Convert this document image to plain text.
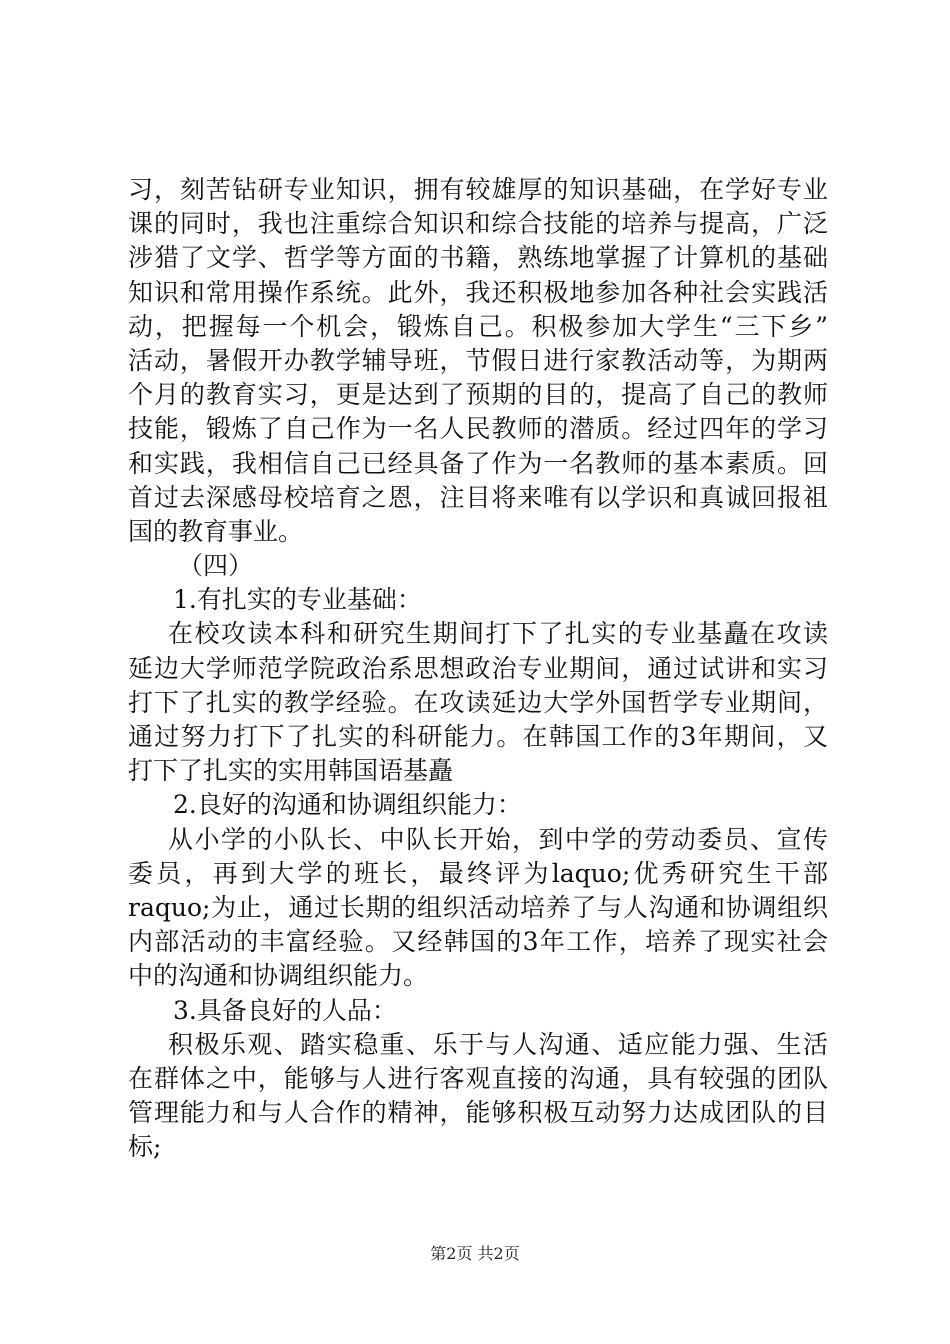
习，刻苦钻研专业知识，拥有较雄厚的知识基础，在学好专业
课的同时，我也注重综合知识和综合技能的培养与提高，广泛
涉猎了文学、哲学等方面的书籍，熟练地掌握了计算机的基础
知识和常用操作系统。此外，我还积极地参加各种社会实践活
动，把握每一个机会，锻炼自己。积极参加大学生“三下乡”
活动，暑假开办教学辅导班，节假日进行家教活动等，为期两
个月的教育实习，更是达到了预期的目的，提高了自己的教师
技能，锻炼了自己作为一名人民教师的潜质。经过四年的学习
和实践，我相信自己已经具备了作为一名教师的基本素质。回
首过去深感母校培育之恩，注目将来唯有以学识和真诚回报祖
国的教育事业。
（四）
1.有扎实的专业基础：
在校攻读本科和研究生期间打下了扎实的专业基矗在攻读
延边大学师范学院政治系思想政治专业期间，通过试讲和实习
打下了扎实的教学经验。在攻读延边大学外国哲学专业期间，
通过努力打下了扎实的科研能力。在韩国工作的3年期间，又
打下了扎实的实用韩国语基矗
2.良好的沟通和协调组织能力：
从小学的小队长、中队长开始，到中学的劳动委员、宣传
委员，再到大学的班长，最终评为laquo;优秀研究生干部
raquo;为止，通过长期的组织活动培养了与人沟通和协调组织
内部活动的丰富经验。又经韩国的3年工作，培养了现实社会
中的沟通和协调组织能力。
3.具备良好的人品：
积极乐观、踏实稳重、乐于与人沟通、适应能力强、生活
在群体之中，能够与人进行客观直接的沟通，具有较强的团队
管理能力和与人合作的精神，能够积极互动努力达成团队的目
标;
第2页 共2页
